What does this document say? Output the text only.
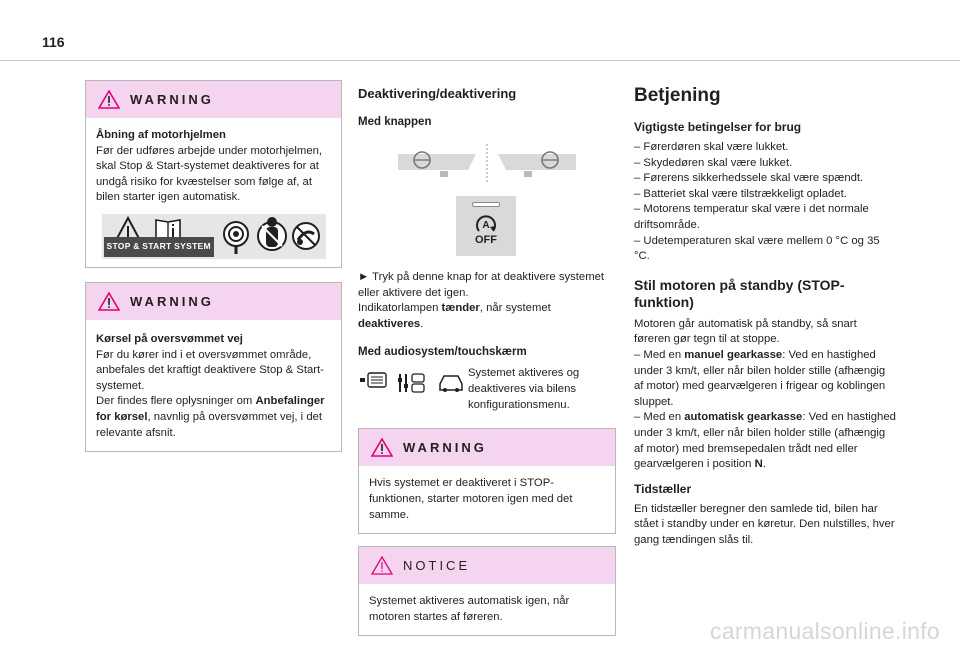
116
WARNING
Åbning af motorhjelmen
Før der udføres arbejde under motorhjelmen, skal Stop & Start-systemet deaktiveres for at undgå risiko for kvæstelser som følge af, at bilen starter igen automatisk.
STOP & START SYSTEM
WARNING
Kørsel på oversvømmet vej
Før du kører ind i et oversvømmet område, anbefales det kraftigt deaktivere Stop & Start-systemet.
Der findes flere oplysninger om Anbefalinger for kørsel, navnlig på oversvømmet vej, i det relevante afsnit.
Deaktivering/deaktivering
Med knappen
A
OFF

► Tryk på denne knap for at deaktivere systemet eller aktivere det igen.

Indikatorlampen tænder, når systemet deaktiveres.

Med audiosystem/touchskærm

Systemet aktiveres og deaktiveres via bilens konfigurationsmenu.

WARNING
Hvis systemet er deaktiveret i STOP-funktionen, starter motoren igen med det samme.
NOTICE
Systemet aktiveres automatisk igen, når motoren startes af føreren.
Betjening
Vigtigste betingelser for brug
– Førerdøren skal være lukket.
– Skydedøren skal være lukket.
– Førerens sikkerhedssele skal være spændt.
– Batteriet skal være tilstrækkeligt opladet.
– Motorens temperatur skal være i det normale driftsområde.
– Udetemperaturen skal være mellem 0 °C og 35 °C.
Stil motoren på standby (STOP-funktion)

Motoren går automatisk på standby, så snart føreren gør tegn til at stoppe.

– Med en manuel gearkasse: Ved en hastighed under 3 km/t, eller når bilen holder stille (afhængig af motor) med gearvælgeren i frigear og koblingen sluppet.

– Med en automatisk gearkasse: Ved en hastighed under 3 km/t, eller når bilen holder stille (afhængig af motor) med bremsepedalen trådt ned eller gearvælgeren i position N.

Tidstæller

En tidstæller beregner den samlede tid, bilen har stået i standby under en køretur. Den nulstilles, hver gang tændingen slås til.

carmanualsonline.info
